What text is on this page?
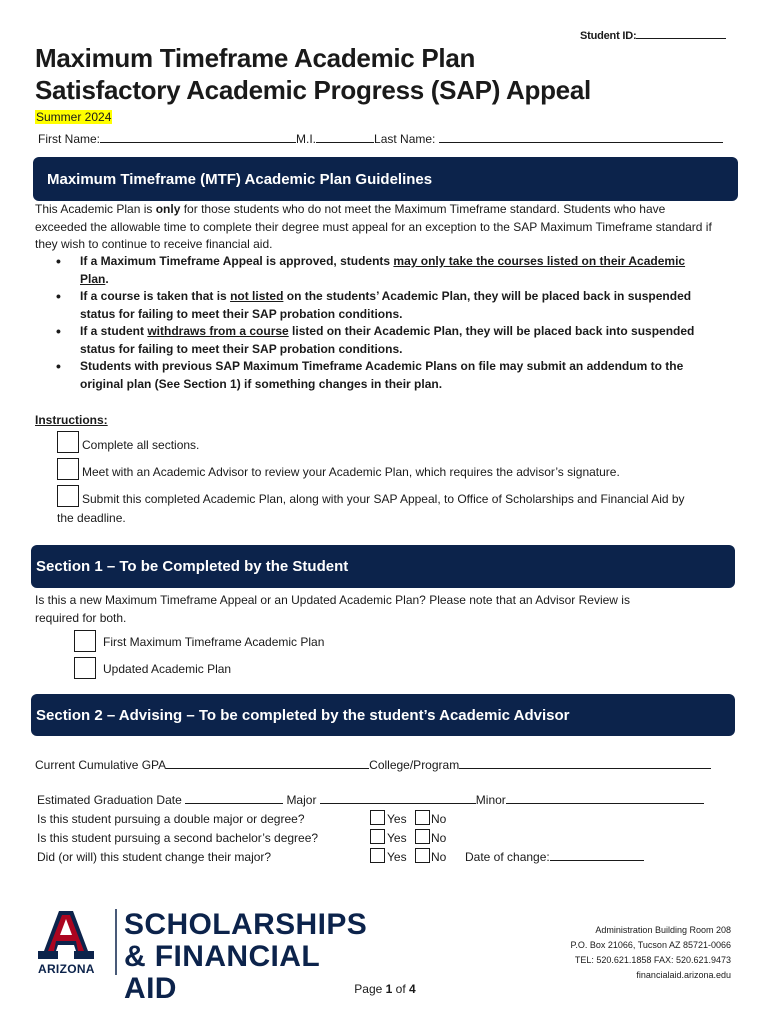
Student ID:
Maximum Timeframe Academic Plan
Satisfactory Academic Progress (SAP) Appeal
Summer 2024
First Name:	M.I.	Last Name:
Maximum Timeframe (MTF) Academic Plan Guidelines
This Academic Plan is only for those students who do not meet the Maximum Timeframe standard. Students who have exceeded the allowable time to complete their degree must appeal for an exception to the SAP Maximum Timeframe standard if they wish to continue to receive financial aid.
• If a Maximum Timeframe Appeal is approved, students may only take the courses listed on their Academic Plan.
• If a course is taken that is not listed on the students’ Academic Plan, they will be placed back in suspended status for failing to meet their SAP probation conditions.
• If a student withdraws from a course listed on their Academic Plan, they will be placed back into suspended status for failing to meet their SAP probation conditions.
• Students with previous SAP Maximum Timeframe Academic Plans on file may submit an addendum to the original plan (See Section 1) if something changes in their plan.
Instructions:
Complete all sections.
Meet with an Academic Advisor to review your Academic Plan, which requires the advisor’s signature.
Submit this completed Academic Plan, along with your SAP Appeal, to Office of Scholarships and Financial Aid by
the deadline.
Section 1 – To be Completed by the Student
Is this a new Maximum Timeframe Appeal or an Updated Academic Plan? Please note that an Advisor Review is required for both.
First Maximum Timeframe Academic Plan
Updated Academic Plan
Section 2 – Advising – To be completed by the student’s Academic Advisor
Current Cumulative GPA	College/Program
Estimated Graduation Date	Major	Minor
Is this student pursuing a double major or degree?	Yes No
Is this student pursuing a second bachelor’s degree?	Yes No
Did (or will) this student change their major?	Yes No Date of change:
ARIZONA
SCHOLARSHIPS
& FINANCIAL AID
Administration Building Room 208
P.O. Box 21066, Tucson AZ 85721-0066
TEL: 520.621.1858 FAX: 520.621.9473
financialaid.arizona.edu
Page 1 of 4
